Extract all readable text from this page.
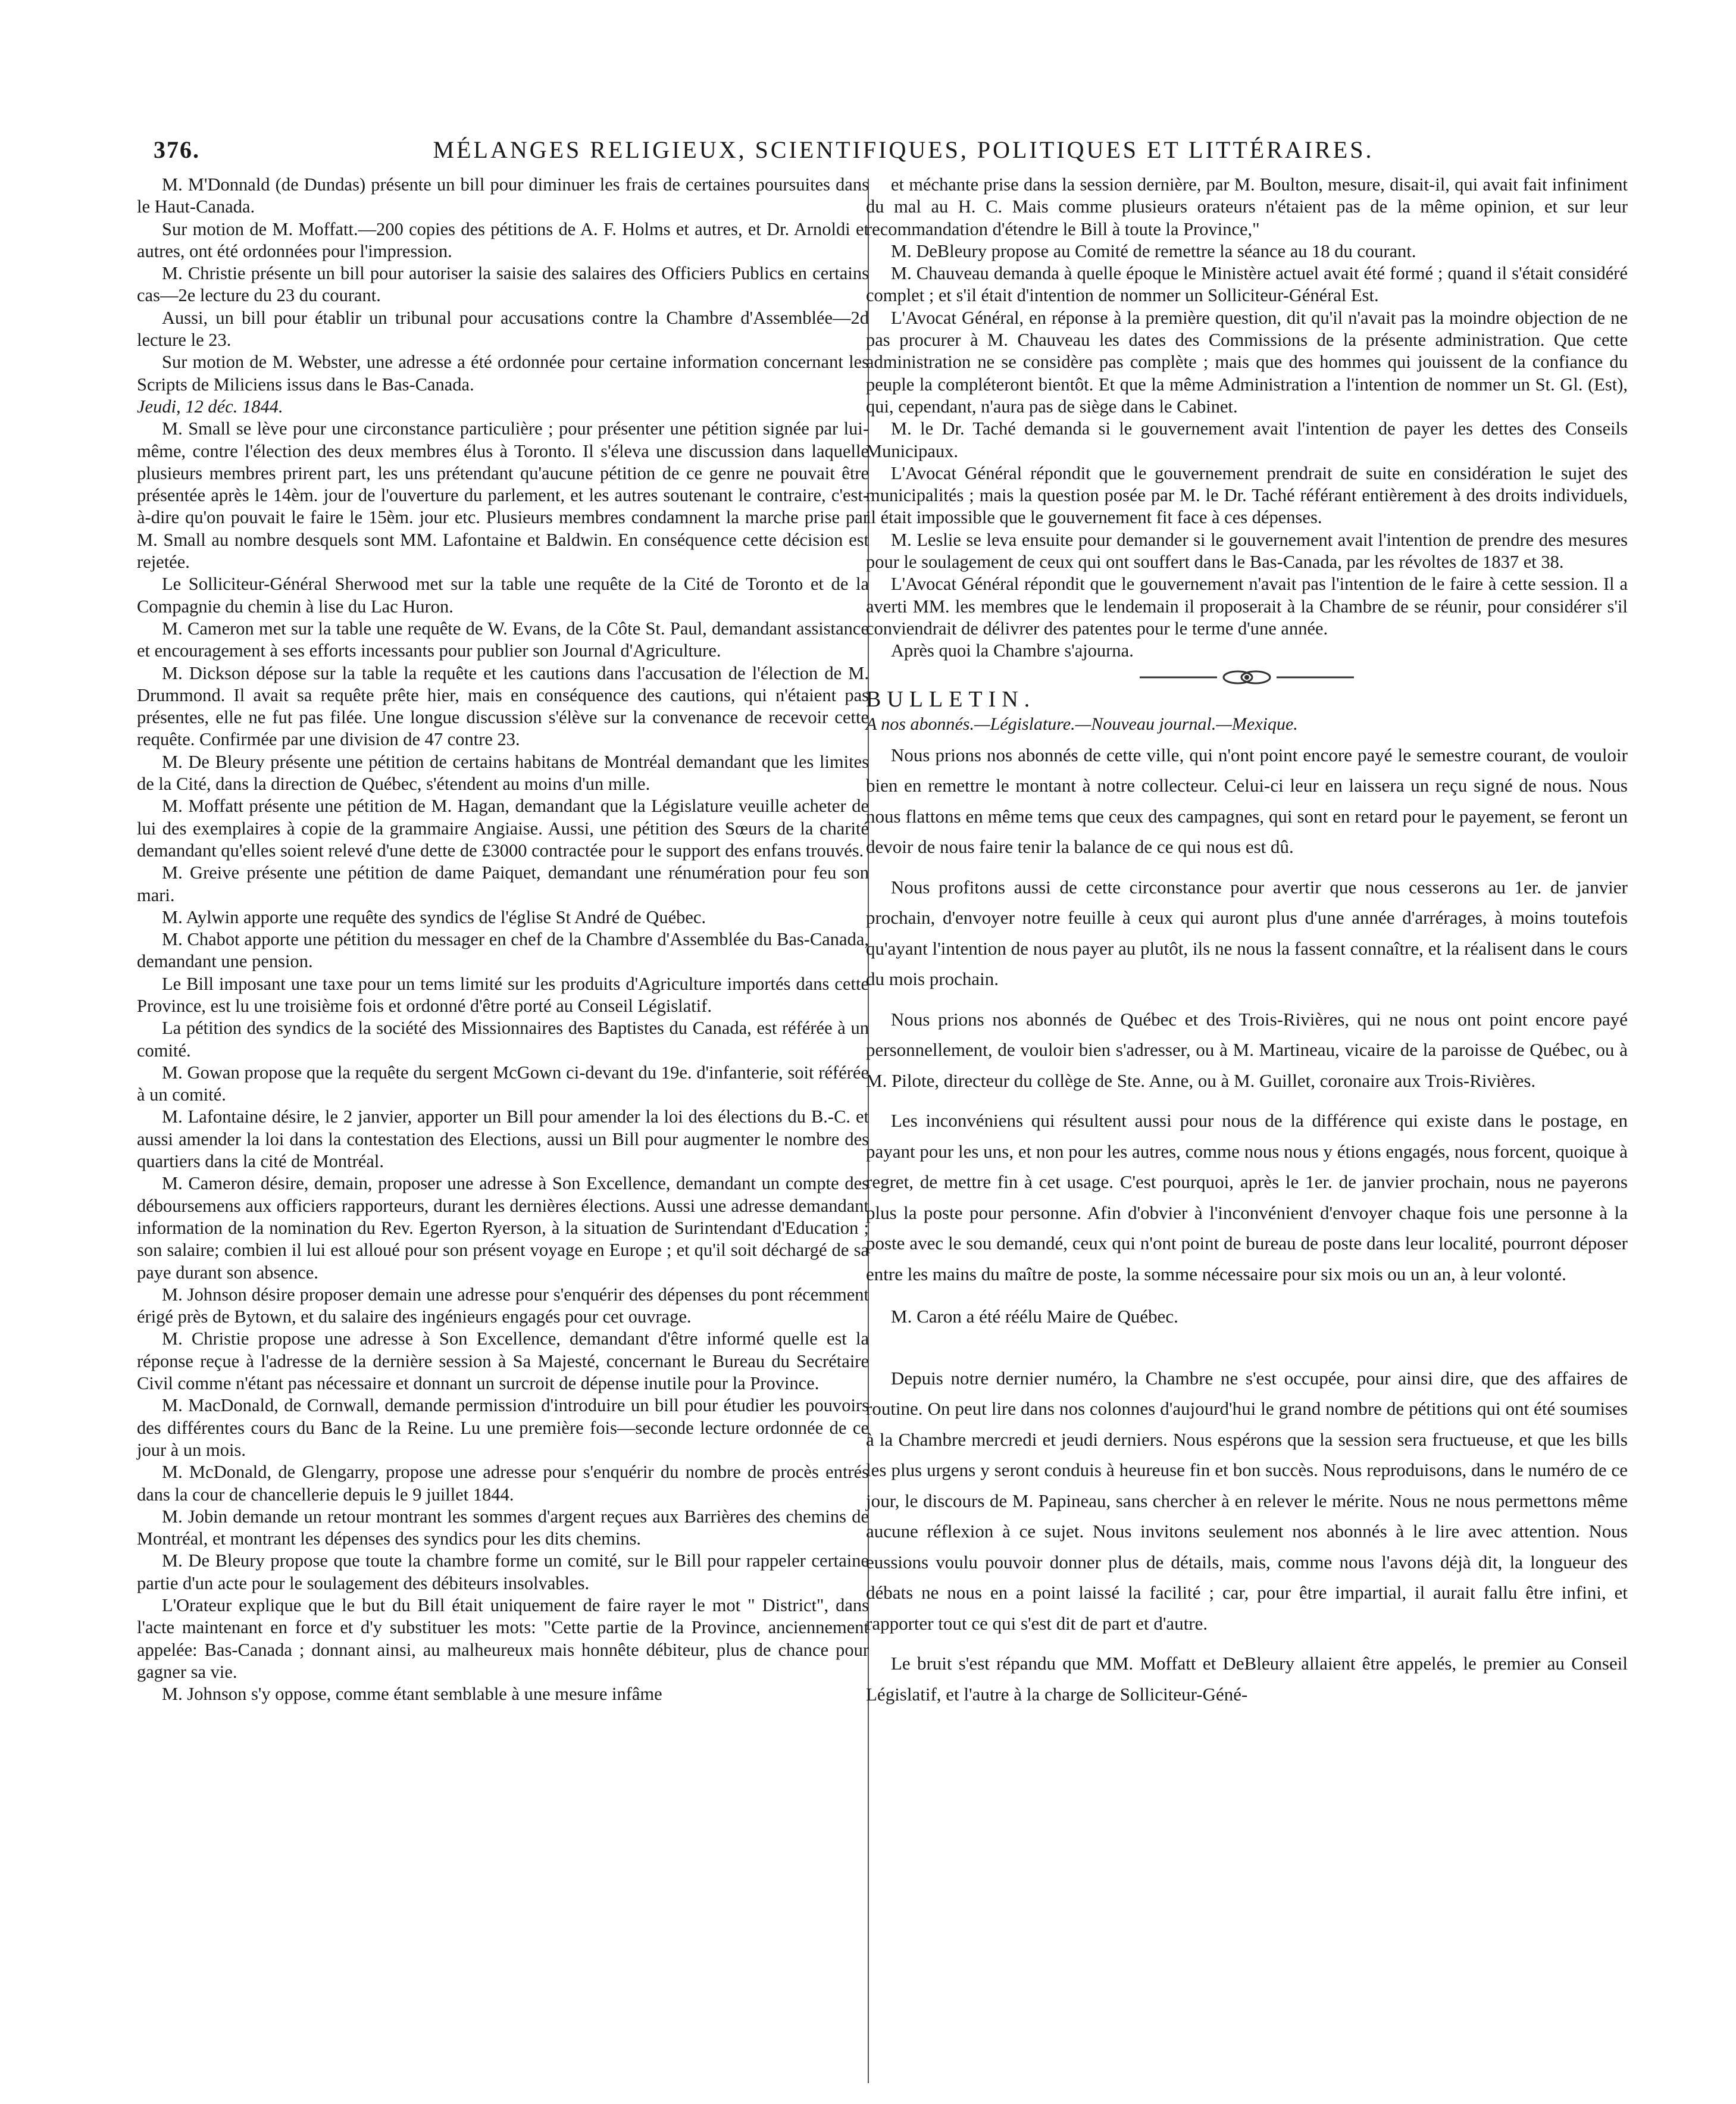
376.	MÉLANGES RELIGIEUX, SCIENTIFIQUES, POLITIQUES ET LITTÉRAIRES.

M. M'Donnald (de Dundas) présente un bill pour diminuer les frais de certaines poursuites dans le Haut-Canada.

Sur motion de M. Moffatt.—200 copies des pétitions de A. F. Holms et autres, et Dr. Arnoldi et autres, ont été ordonnées pour l'impression.

M. Christie présente un bill pour autoriser la saisie des salaires des Officiers Publics en certains cas—2e lecture du 23 du courant.

Aussi, un bill pour établir un tribunal pour accusations contre la Chambre d'Assemblée—2d lecture le 23.

Sur motion de M. Webster, une adresse a été ordonnée pour certaine information concernant les Scripts de Miliciens issus dans le Bas-Canada.

Jeudi, 12 déc. 1844.

M. Small se lève pour une circonstance particulière ; pour présenter une pétition signée par lui-même, contre l'élection des deux membres élus à Toronto. Il s'éleva une discussion dans laquelle plusieurs membres prirent part, les uns prétendant qu'aucune pétition de ce genre ne pouvait être présentée après le 14èm. jour de l'ouverture du parlement, et les autres soutenant le contraire, c'est-à-dire qu'on pouvait le faire le 15èm. jour etc. Plusieurs membres condamnent la marche prise par M. Small au nombre desquels sont MM. Lafontaine et Baldwin. En conséquence cette décision est rejetée.

Le Solliciteur-Général Sherwood met sur la table une requête de la Cité de Toronto et de la Compagnie du chemin à lise du Lac Huron.

M. Cameron met sur la table une requête de W. Evans, de la Côte St. Paul, demandant assistance et encouragement à ses efforts incessants pour publier son Journal d'Agriculture.

M. Dickson dépose sur la table la requête et les cautions dans l'accusation de l'élection de M. Drummond. Il avait sa requête prête hier, mais en conséquence des cautions, qui n'étaient pas présentes, elle ne fut pas filée. Une longue discussion s'élève sur la convenance de recevoir cette requête. Confirmée par une division de 47 contre 23.

M. De Bleury présente une pétition de certains habitans de Montréal demandant que les limites de la Cité, dans la direction de Québec, s'étendent au moins d'un mille.

M. Moffatt présente une pétition de M. Hagan, demandant que la Législature veuille acheter de lui des exemplaires à copie de la grammaire Angiaise. Aussi, une pétition des Sœurs de la charité demandant qu'elles soient relevé d'une dette de £3000 contractée pour le support des enfans trouvés.

M. Greive présente une pétition de dame Paiquet, demandant une rénumération pour feu son mari.

M. Aylwin apporte une requête des syndics de l'église St André de Québec.

M. Chabot apporte une pétition du messager en chef de la Chambre d'Assemblée du Bas-Canada, demandant une pension.

Le Bill imposant une taxe pour un tems limité sur les produits d'Agriculture importés dans cette Province, est lu une troisième fois et ordonné d'être porté au Conseil Législatif.

La pétition des syndics de la société des Missionnaires des Baptistes du Canada, est référée à un comité.

M. Gowan propose que la requête du sergent McGown ci-devant du 19e. d'infanterie, soit référée à un comité.

M. Lafontaine désire, le 2 janvier, apporter un Bill pour amender la loi des élections du B.-C. et aussi amender la loi dans la contestation des Elections, aussi un Bill pour augmenter le nombre des quartiers dans la cité de Montréal.

M. Cameron désire, demain, proposer une adresse à Son Excellence, demandant un compte des déboursemens aux officiers rapporteurs, durant les dernières élections. Aussi une adresse demandant information de la nomination du Rev. Egerton Ryerson, à la situation de Surintendant d'Education ; son salaire; combien il lui est alloué pour son présent voyage en Europe ; et qu'il soit déchargé de sa paye durant son absence.

M. Johnson désire proposer demain une adresse pour s'enquérir des dépenses du pont récemment érigé près de Bytown, et du salaire des ingénieurs engagés pour cet ouvrage.

M. Christie propose une adresse à Son Excellence, demandant d'être informé quelle est la réponse reçue à l'adresse de la dernière session à Sa Majesté, concernant le Bureau du Secrétaire Civil comme n'étant pas nécessaire et donnant un surcroit de dépense inutile pour la Province.

M. MacDonald, de Cornwall, demande permission d'introduire un bill pour étudier les pouvoirs des différentes cours du Banc de la Reine. Lu une première fois—seconde lecture ordonnée de ce jour à un mois.

M. McDonald, de Glengarry, propose une adresse pour s'enquérir du nombre de procès entrés dans la cour de chancellerie depuis le 9 juillet 1844.

M. Jobin demande un retour montrant les sommes d'argent reçues aux Barrières des chemins de Montréal, et montrant les dépenses des syndics pour les dits chemins.

M. De Bleury propose que toute la chambre forme un comité, sur le Bill pour rappeler certaine partie d'un acte pour le soulagement des débiteurs insolvables.

L'Orateur explique que le but du Bill était uniquement de faire rayer le mot " District", dans l'acte maintenant en force et d'y substituer les mots: "Cette partie de la Province, anciennement appelée: Bas-Canada ; donnant ainsi, au malheureux mais honnête débiteur, plus de chance pour gagner sa vie.

M. Johnson s'y oppose, comme étant semblable à une mesure infâme

et méchante prise dans la session dernière, par M. Boulton, mesure, disait-il, qui avait fait infiniment du mal au H. C. Mais comme plusieurs orateurs n'étaient pas de la même opinion, et sur leur recommandation d'étendre le Bill à toute la Province,"

M. DeBleury propose au Comité de remettre la séance au 18 du courant.

M. Chauveau demanda à quelle époque le Ministère actuel avait été formé ; quand il s'était considéré complet ; et s'il était d'intention de nommer un Solliciteur-Général Est.

L'Avocat Général, en réponse à la première question, dit qu'il n'avait pas la moindre objection de ne pas procurer à M. Chauveau les dates des Commissions de la présente administration. Que cette administration ne se considère pas complète ; mais que des hommes qui jouissent de la confiance du peuple la compléteront bientôt. Et que la même Administration a l'intention de nommer un St. Gl. (Est), qui, cependant, n'aura pas de siège dans le Cabinet.

M. le Dr. Taché demanda si le gouvernement avait l'intention de payer les dettes des Conseils Municipaux.

L'Avocat Général répondit que le gouvernement prendrait de suite en considération le sujet des municipalités ; mais la question posée par M. le Dr. Taché référant entièrement à des droits individuels, il était impossible que le gouvernement fit face à ces dépenses.

M. Leslie se leva ensuite pour demander si le gouvernement avait l'intention de prendre des mesures pour le soulagement de ceux qui ont souffert dans le Bas-Canada, par les révoltes de 1837 et 38.

L'Avocat Général répondit que le gouvernement n'avait pas l'intention de le faire à cette session. Il a averti MM. les membres que le lendemain il proposerait à la Chambre de se réunir, pour considérer s'il conviendrait de délivrer des patentes pour le terme d'une année.

Après quoi la Chambre s'ajourna.

BULLETIN.

A nos abonnés.—Législature.—Nouveau journal.—Mexique.

Nous prions nos abonnés de cette ville, qui n'ont point encore payé le semestre courant, de vouloir bien en remettre le montant à notre collecteur. Celui-ci leur en laissera un reçu signé de nous. Nous nous flattons en même tems que ceux des campagnes, qui sont en retard pour le payement, se feront un devoir de nous faire tenir la balance de ce qui nous est dû.

Nous profitons aussi de cette circonstance pour avertir que nous cesserons au 1er. de janvier prochain, d'envoyer notre feuille à ceux qui auront plus d'une année d'arrérages, à moins toutefois qu'ayant l'intention de nous payer au plutôt, ils ne nous la fassent connaître, et la réalisent dans le cours du mois prochain.

Nous prions nos abonnés de Québec et des Trois-Rivières, qui ne nous ont point encore payé personnellement, de vouloir bien s'adresser, ou à M. Martineau, vicaire de la paroisse de Québec, ou à M. Pilote, directeur du collège de Ste. Anne, ou à M. Guillet, coronaire aux Trois-Rivières.

Les inconvéniens qui résultent aussi pour nous de la différence qui existe dans le postage, en payant pour les uns, et non pour les autres, comme nous nous y étions engagés, nous forcent, quoique à regret, de mettre fin à cet usage. C'est pourquoi, après le 1er. de janvier prochain, nous ne payerons plus la poste pour personne. Afin d'obvier à l'inconvénient d'envoyer chaque fois une personne à la poste avec le sou demandé, ceux qui n'ont point de bureau de poste dans leur localité, pourront déposer entre les mains du maître de poste, la somme nécessaire pour six mois ou un an, à leur volonté.

M. Caron a été réélu Maire de Québec.

Depuis notre dernier numéro, la Chambre ne s'est occupée, pour ainsi dire, que des affaires de routine. On peut lire dans nos colonnes d'aujourd'hui le grand nombre de pétitions qui ont été soumises à la Chambre mercredi et jeudi derniers. Nous espérons que la session sera fructueuse, et que les bills les plus urgens y seront conduis à heureuse fin et bon succès. Nous reproduisons, dans le numéro de ce jour, le discours de M. Papineau, sans chercher à en relever le mérite. Nous ne nous permettons même aucune réflexion à ce sujet. Nous invitons seulement nos abonnés à le lire avec attention. Nous eussions voulu pouvoir donner plus de détails, mais, comme nous l'avons déjà dit, la longueur des débats ne nous en a point laissé la facilité ; car, pour être impartial, il aurait fallu être infini, et rapporter tout ce qui s'est dit de part et d'autre.

Le bruit s'est répandu que MM. Moffatt et DeBleury allaient être appelés, le premier au Conseil Législatif, et l'autre à la charge de Solliciteur-Géné-
